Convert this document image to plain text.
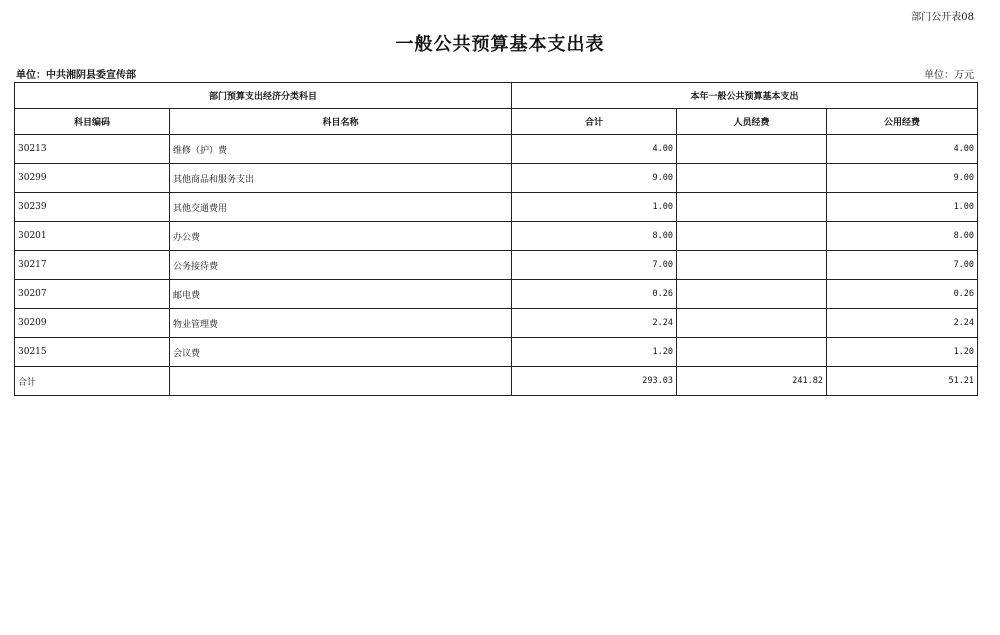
部门公开表08
一般公共预算基本支出表
单位：中共湘阴县委宣传部	单位：万元
部门预算支出经济分类科目		本年一般公共预算基本支出		
科目编码	科目名称	合计	人员经费	公用经费
30213	维修（护）费	4.00		4.00
30299	其他商品和服务支出	9.00		9.00
30239	其他交通费用	1.00		1.00
30201	办公费	8.00		8.00
30217	公务接待费	7.00		7.00
30207	邮电费	0.26		0.26
30209	物业管理费	2.24		2.24
30215	会议费	1.20		1.20
合计		293.03	241.82	51.21
